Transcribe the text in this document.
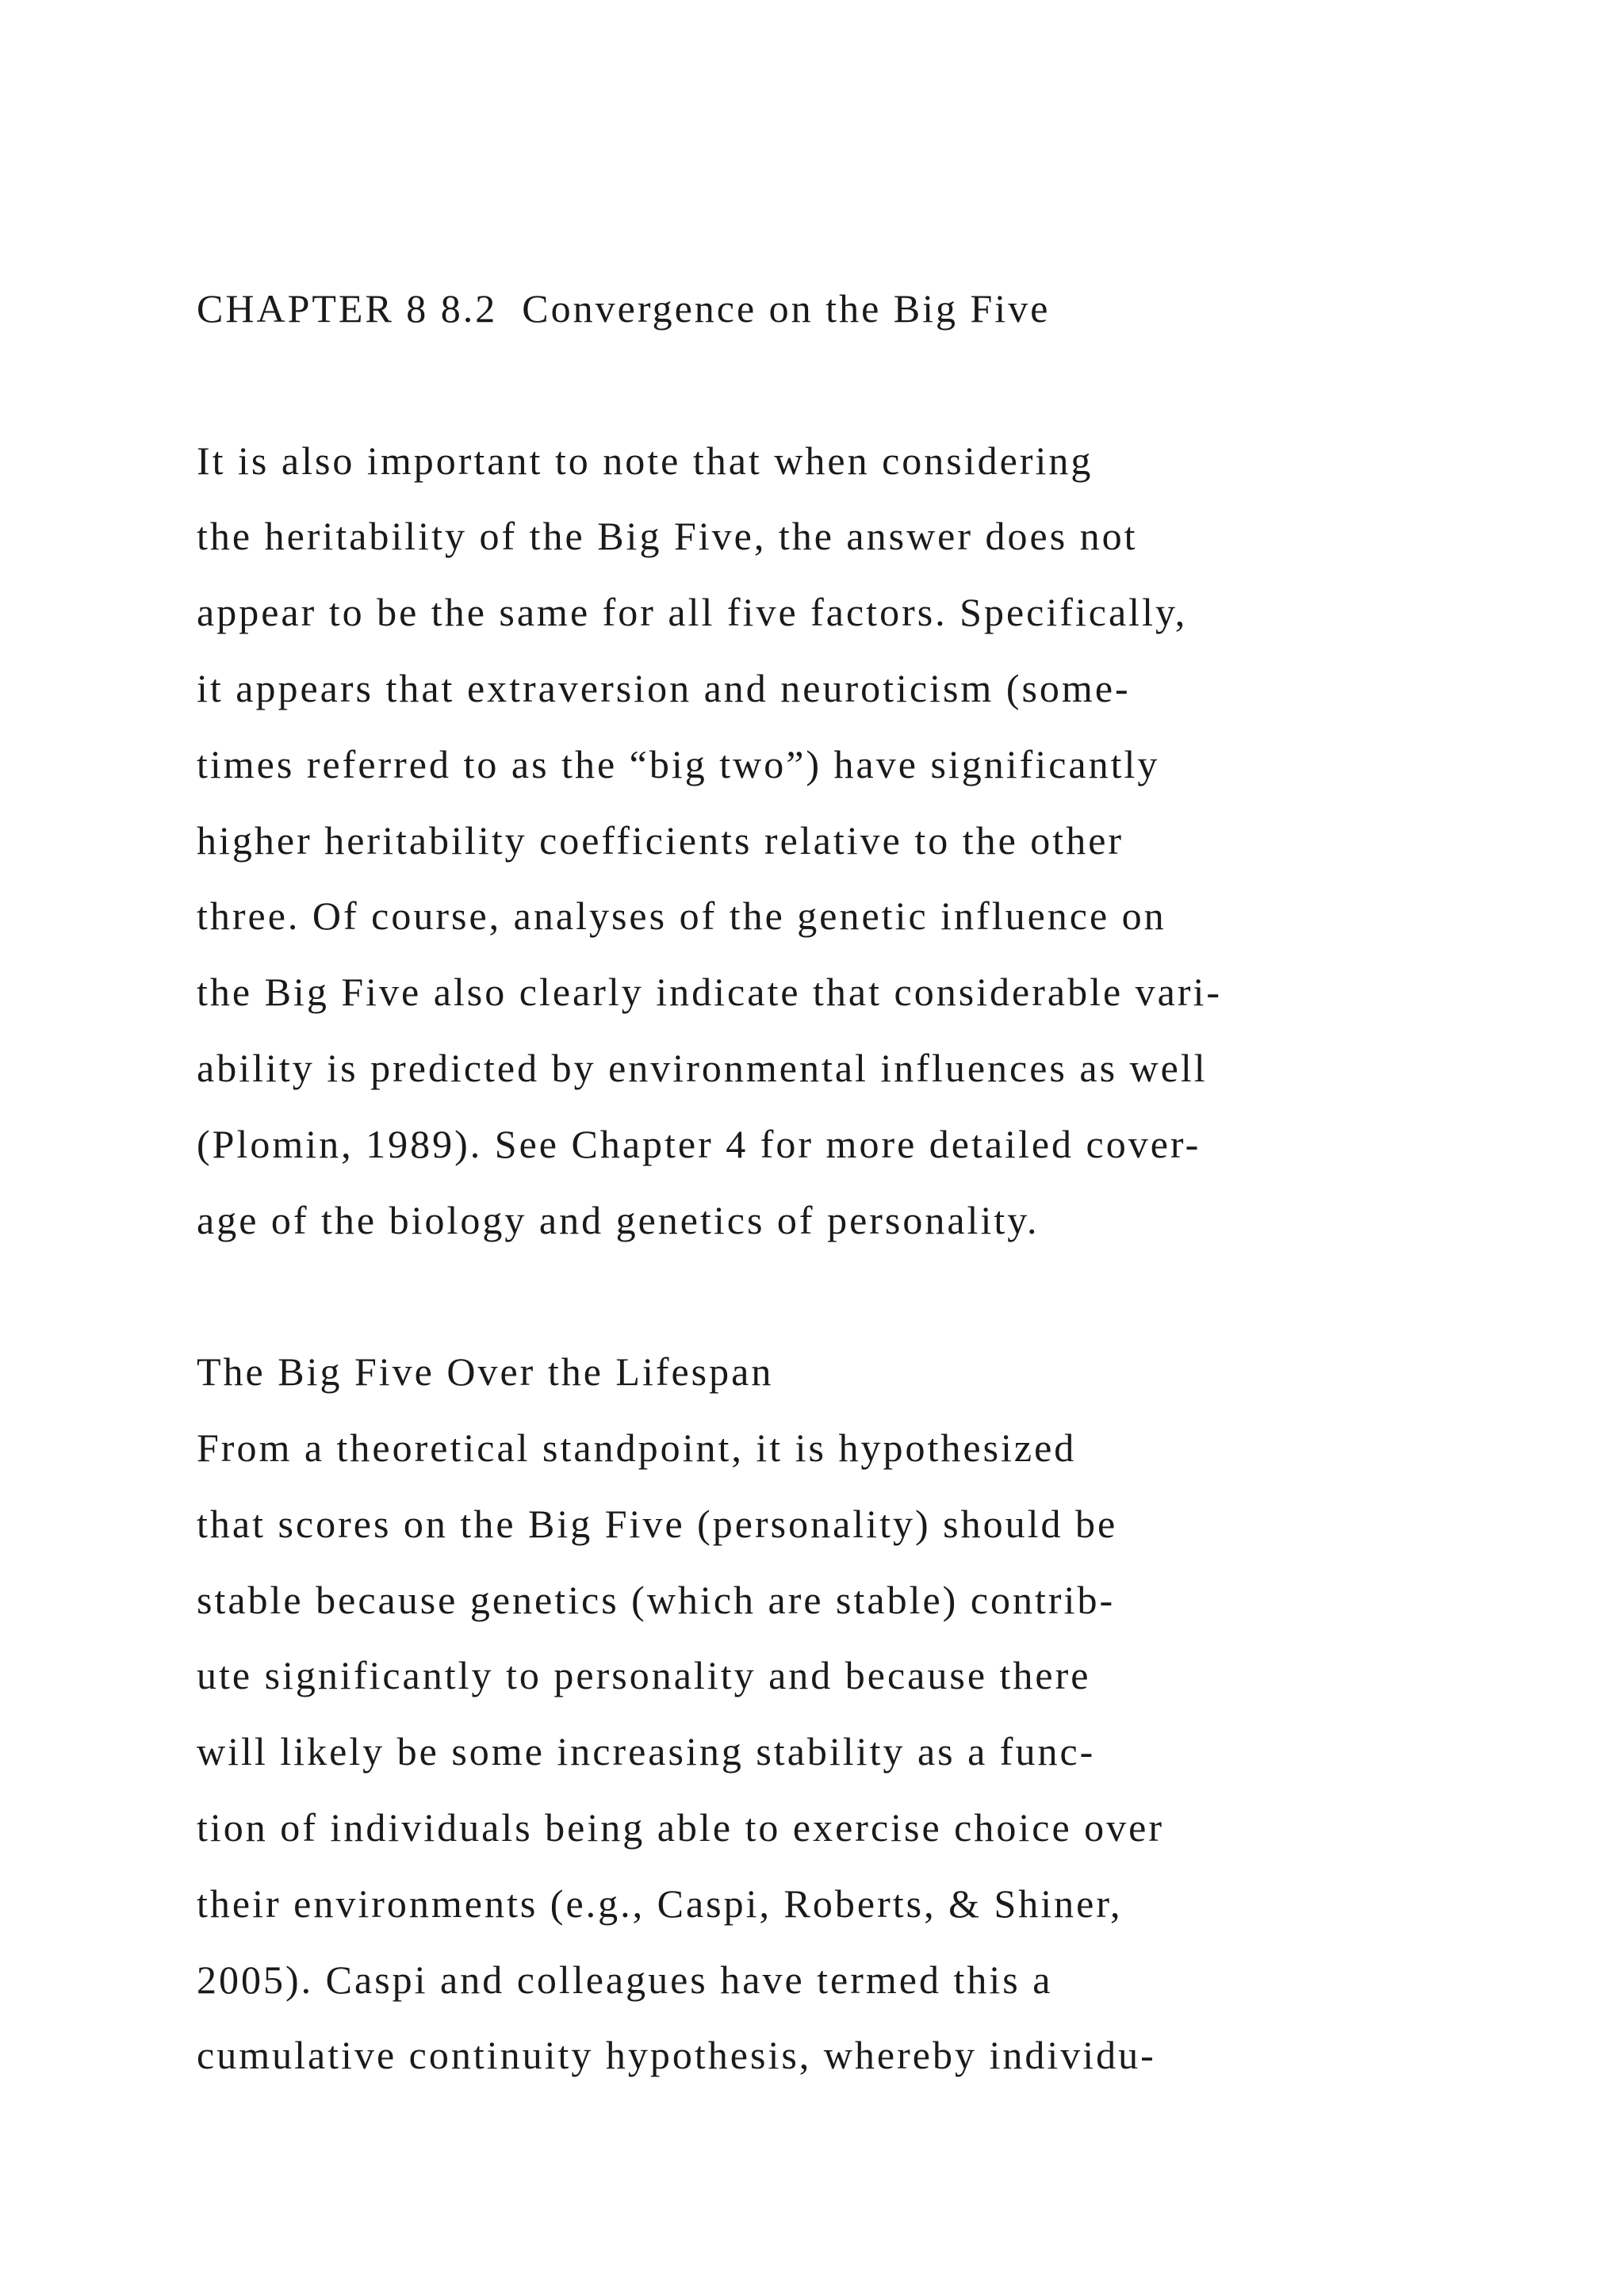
CHAPTER 8 8.2  Convergence on the Big Five

It is also important to note that when considering

the heritability of the Big Five, the answer does not

appear to be the same for all five factors. Specifically,

it appears that extraversion and neuroticism (some-

times referred to as the “big two”) have significantly

higher heritability coefficients relative to the other

three. Of course, analyses of the genetic influence on

the Big Five also clearly indicate that considerable vari-

ability is predicted by environmental influences as well

(Plomin, 1989). See Chapter 4 for more detailed cover-

age of the biology and genetics of personality.

The Big Five Over the Lifespan

From a theoretical standpoint, it is hypothesized

that scores on the Big Five (personality) should be

stable because genetics (which are stable) contrib-

ute significantly to personality and because there

will likely be some increasing stability as a func-

tion of individuals being able to exercise choice over

their environments (e.g., Caspi, Roberts, & Shiner,

2005). Caspi and colleagues have termed this a

cumulative continuity hypothesis, whereby individu-
